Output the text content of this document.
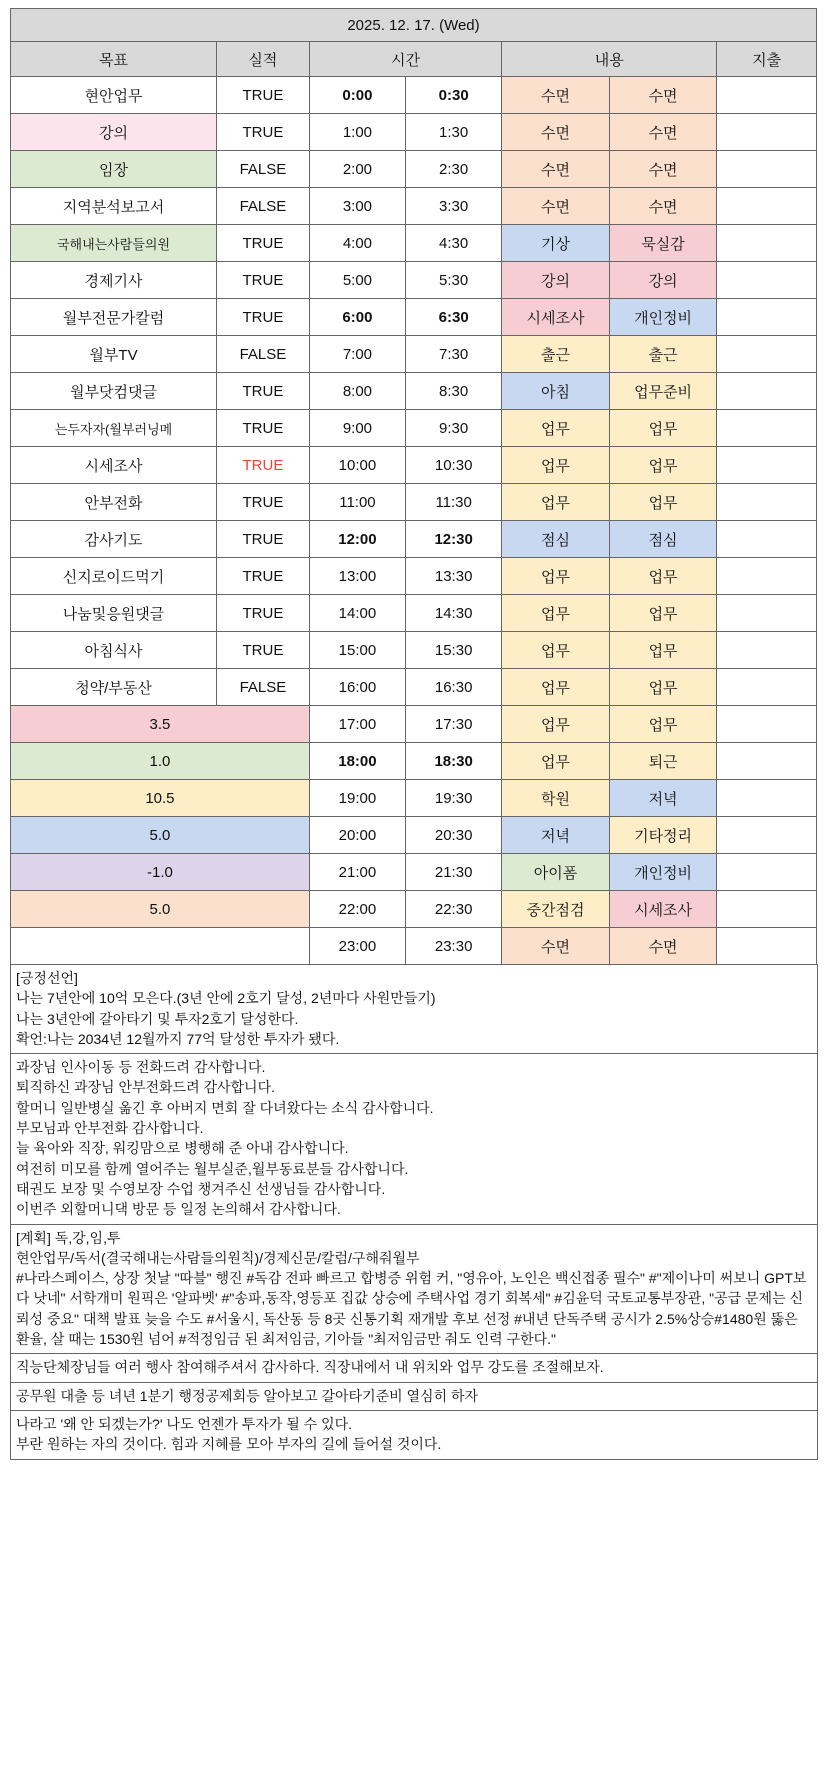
2025. 12. 17. (Wed)						
목표	실적	시간		내용		지출
현안업무	TRUE	0:00	0:30	수면	수면	
강의	TRUE	1:00	1:30	수면	수면	
임장	FALSE	2:00	2:30	수면	수면	
지역분석보고서	FALSE	3:00	3:30	수면	수면	
국해내는사람들의원	TRUE	4:00	4:30	기상	묵실감	
경제기사	TRUE	5:00	5:30	강의	강의	
월부전문가칼럼	TRUE	6:00	6:30	시세조사	개인정비	
월부TV	FALSE	7:00	7:30	출근	출근	
월부닷컴댓글	TRUE	8:00	8:30	아침	업무준비	
는두자자(월부러닝메	TRUE	9:00	9:30	업무	업무	
시세조사	TRUE	10:00	10:30	업무	업무	
안부전화	TRUE	11:00	11:30	업무	업무	
감사기도	TRUE	12:00	12:30	점심	점심	
신지로이드먹기	TRUE	13:00	13:30	업무	업무	
나눔및응원댓글	TRUE	14:00	14:30	업무	업무	
아침식사	TRUE	15:00	15:30	업무	업무	
청약/부동산	FALSE	16:00	16:30	업무	업무	
3.5		17:00	17:30	업무	업무	
1.0		18:00	18:30	업무	퇴근	
10.5		19:00	19:30	학원	저녁	
5.0		20:00	20:30	저녁	기타정리	
-1.0		21:00	21:30	아이폼	개인정비	
5.0		22:00	22:30	중간점검	시세조사	
		23:00	23:30	수면	수면	
[긍정선언]
나는 7년안에 10억 모은다.(3년 안에 2호기 달성, 2년마다 사원만들기)
나는 3년안에 갈아타기 및 투자2호기 달성한다.
확언:나는 2034년 12월까지 77억 달성한 투자가 됐다.

과장님 인사이동 등 전화드려 감사합니다.
퇴직하신 과장님 안부전화드려 감사합니다.
할머니 일반병실 옮긴 후 아버지 면회 잘 다녀왔다는 소식 감사합니다.
부모님과 안부전화 감사합니다.
늘 육아와 직장, 워킹맘으로 병행해 준 아내 감사합니다.
여전히 미모를 함께 열어주는 월부실준,월부동료분들 감사합니다.
태권도 보장 및 수영보장 수업 챙겨주신 선생님들 감사합니다.
이번주 외할머니댁 방문 등 일정 논의해서 감사합니다.

[계획] 독,강,임,투
현안업무/독서(결국해내는사람들의원칙)/경제신문/칼럼/구해줘월부
#나라스페이스, 상장 첫날 "따블" 행진 #독감 전파 빠르고 합병증 위험 커, "영유아, 노인은 백신접종 필수" #"제이나미 써보니 GPT보다 낫네" 서학개미 원픽은 '알파벳' #"송파,동작,영등포 집값 상승에 주택사업 경기 회복세" #김윤덕 국토교통부장관, "공급 문제는 신뢰성 중요" 대책 발표 늦을 수도 #서울시, 독산동 등 8곳 신통기획 재개발 후보 선정 #내년 단독주택 공시가 2.5%상승#1480원 뚫은 환율, 살 때는 1530원 넘어 #적정임금 된 최저임금, 기아들 "최저임금만 줘도 인력 구한다."

직능단체장님들 여러 행사 참여해주셔서 감사하다. 직장내에서 내 위치와 업무 강도를 조절해보자.

공무원 대출 등 녀년 1분기 행정공제회등 알아보고 갈아타기준비 열심히 하자

나라고 '왜 안 되겠는가?' 나도 언젠가 투자가 될 수 있다.
부란 원하는 자의 것이다. 힘과 지혜를 모아 부자의 길에 들어설 것이다.
